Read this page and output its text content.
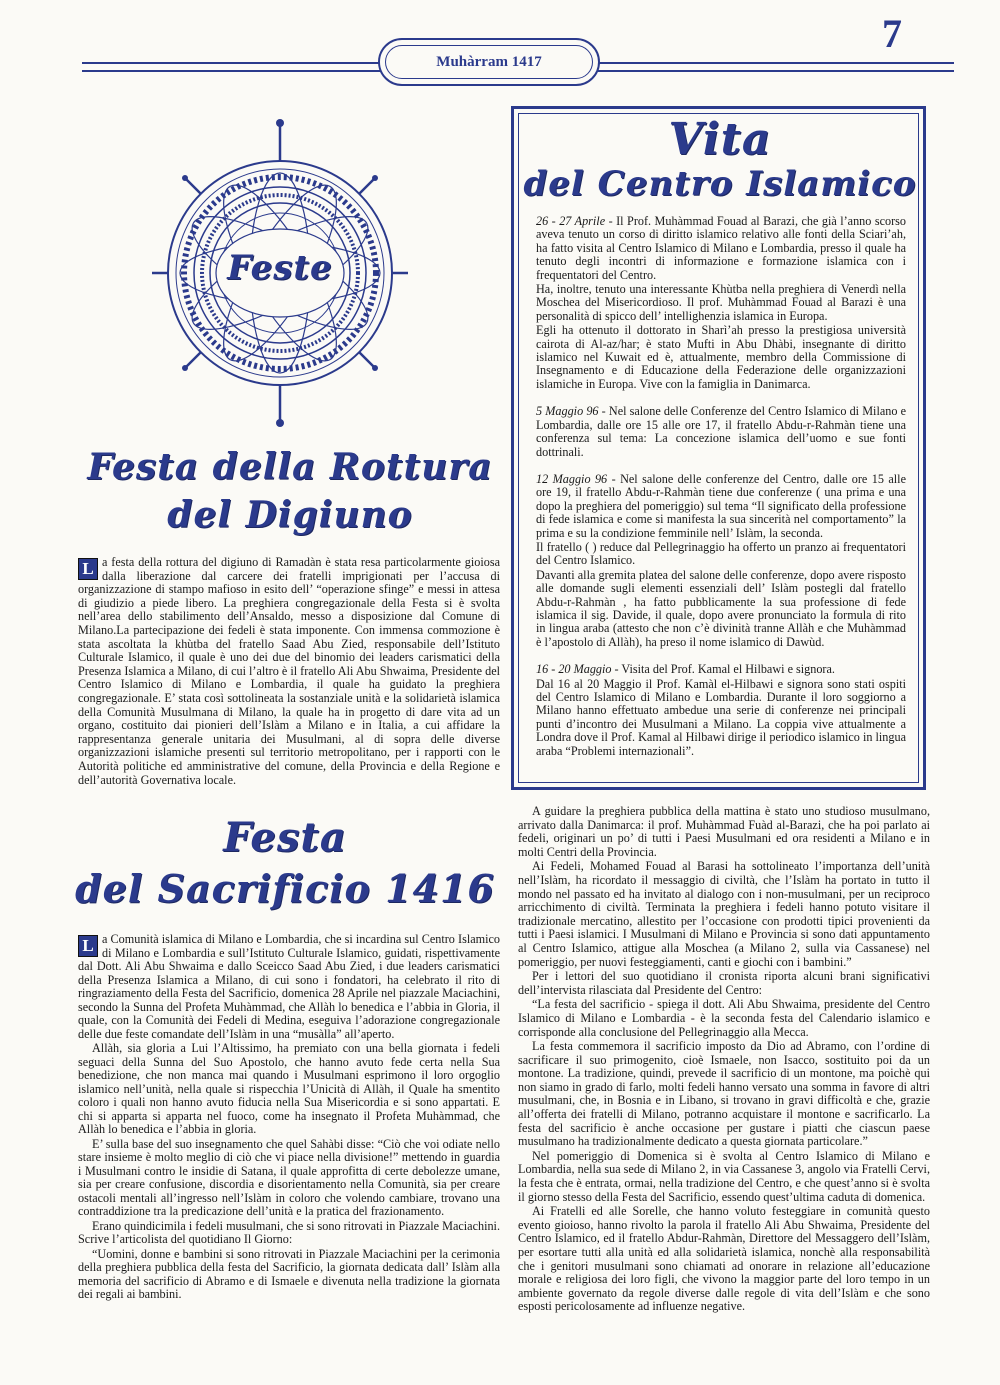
Muhàrram 1417
7
Feste
Vita
del Centro Islamico

26 - 27 Aprile - Il Prof. Muhàmmad Fouad al Barazi, che già l’anno scorso aveva tenuto un corso di diritto islamico relativo alle fonti della Sciari’ah, ha fatto visita al Centro Islamico di Milano e Lombardia, presso il quale ha tenuto degli incontri di informazione e formazione islamica con i frequentatori del Centro.

Ha, inoltre, tenuto una interessante Khùtba nella preghiera di Venerdì nella Moschea del Misericordioso. Il prof. Muhàmmad Fouad al Barazi è una personalità di spicco dell’ intellighenzia islamica in Europa.

Egli ha ottenuto il dottorato in Sharì’ah presso la prestigiosa università cairota di Al-az/har; è stato Mufti in Abu Dhàbi, insegnante di diritto islamico nel Kuwait ed è, attualmente, membro della Commissione di Insegnamento e di Educazione della Federazione delle organizzazioni islamiche in Europa. Vive con la famiglia in Danimarca.

5 Maggio 96 - Nel salone delle Conferenze del Centro Islamico di Milano e Lombardia, dalle ore 15 alle ore 17, il fratello Abdu-r-Rahmàn tiene una conferenza sul tema: La concezione islamica dell’uomo e sue fonti dottrinali.

12 Maggio 96 - Nel salone delle conferenze del Centro, dalle ore 15 alle ore 19, il fratello Abdu-r-Rahmàn tiene due conferenze ( una prima e una dopo la preghiera del pomeriggio) sul tema “Il significato della professione di fede islamica e come si manifesta la sua sincerità nel comportamento” la prima e su la condizione femminile nell’ Islàm, la seconda.

Il fratello ( ) reduce dal Pellegrinaggio ha offerto un pranzo ai frequentatori del Centro Islamico.

Davanti alla gremita platea del salone delle conferenze, dopo avere risposto alle domande sugli elementi essenziali dell’ Islàm postegli dal fratello Abdu-r-Rahmàn , ha fatto pubblicamente la sua professione di fede islamica il sig. Davide, il quale, dopo avere pronunciato la formula di rito in lingua araba (attesto che non c’è divinità tranne Allàh e che Muhàmmad è l’apostolo di Allàh), ha preso il nome islamico di Dawùd.

16 - 20 Maggio - Visita del Prof. Kamal el Hilbawi e signora.

Dal 16 al 20 Maggio il Prof. Kamàl el-Hilbawi e signora sono stati ospiti del Centro Islamico di Milano e Lombardia. Durante il loro soggiorno a Milano hanno effettuato ambedue una serie di conferenze nei principali punti d’incontro dei Musulmani a Milano. La coppia vive attualmente a Londra dove il Prof. Kamal al Hilbawi dirige il periodico islamico in lingua araba “Problemi internazionali”.

Festa della Rottura
del Digiuno

L a festa della rottura del digiuno di Ramadàn è stata resa particolarmente gioiosa dalla liberazione dal carcere dei fratelli imprigionati per l’accusa di organizzazione di stampo mafioso in esito dell’ “operazione sfinge” e messi in attesa di giudizio a piede libero. La preghiera congregazionale della Festa si è svolta nell’area dello stabilimento dell’Ansaldo, messo a disposizione dal Comune di Milano.La partecipazione dei fedeli è stata imponente. Con immensa commozione è stata ascoltata la khùtba del fratello Saad Abu Zied, responsabile dell’Istituto Culturale Islamico, il quale è uno dei due del binomio dei leaders carismatici della Presenza Islamica a Milano, di cui l’altro è il fratello Ali Abu Shwaima, Presidente del Centro Islamico di Milano e Lombardia, il quale ha guidato la preghiera congregazionale. E’ stata così sottolineata la sostanziale unità e la solidarietà islamica della Comunità Musulmana di Milano, la quale ha in progetto di dare vita ad un organo, costituito dai pionieri dell’Islàm a Milano e in Italia, a cui affidare la rappresentanza generale unitaria dei Musulmani, al di sopra delle diverse organizzazioni islamiche presenti sul territorio metropolitano, per i rapporti con le Autorità politiche ed amministrative del comune, della Provincia e della Regione e dell’autorità Governativa locale.

Festa
del Sacrificio 1416

L a Comunità islamica di Milano e Lombardia, che si incardina sul Centro Islamico di Milano e Lombardia e sull’Istituto Culturale Islamico, guidati, rispettivamente dal Dott. Ali Abu Shwaima e dallo Sceicco Saad Abu Zied, i due leaders carismatici della Presenza Islamica a Milano, di cui sono i fondatori, ha celebrato il rito di ringraziamento della Festa del Sacrificio, domenica 28 Aprile nel piazzale Maciachini, secondo la Sunna del Profeta Muhàmmad, che Allàh lo benedica e l’abbia in Gloria, il quale, con la Comunità dei Fedeli di Medina, eseguiva l’adorazione congregazionale delle due feste comandate dell’Islàm in una “musàlla” all’aperto.

Allàh, sia gloria a Lui l’Altissimo, ha premiato con una bella giornata i fedeli seguaci della Sunna del Suo Apostolo, che hanno avuto fede certa nella Sua benedizione, che non manca mai quando i Musulmani esprimono il loro orgoglio islamico nell’unità, nella quale si rispecchia l’Unicità di Allàh, il Quale ha smentito coloro i quali non hanno avuto fiducia nella Sua Misericordia e si sono appartati. E chi si apparta si apparta nel fuoco, come ha insegnato il Profeta Muhàmmad, che Allàh lo benedica e l’abbia in gloria.

E’ sulla base del suo insegnamento che quel Sahàbi disse: “Ciò che voi odiate nello stare insieme è molto meglio di ciò che vi piace nella divisione!” mettendo in guardia i Musulmani contro le insidie di Satana, il quale approfitta di certe debolezze umane, sia per creare confusione, discordia e disorientamento nella Comunità, sia per creare ostacoli mentali all’ingresso nell’Islàm in coloro che volendo cambiare, trovano una contraddizione tra la predicazione dell’unità e la pratica del frazionamento.

Erano quindicimila i fedeli musulmani, che si sono ritrovati in Piazzale Maciachini. Scrive l’articolista del quotidiano Il Giorno:

“Uomini, donne e bambini si sono ritrovati in Piazzale Maciachini per la cerimonia della preghiera pubblica della festa del Sacrificio, la giornata dedicata dall’ Islàm alla memoria del sacrificio di Abramo e di Ismaele e divenuta nella tradizione la giornata dei regali ai bambini.

A guidare la preghiera pubblica della mattina è stato uno studioso musulmano, arrivato dalla Danimarca: il prof. Muhàmmad Fuàd al-Barazi, che ha poi parlato ai fedeli, originari un po’ di tutti i Paesi Musulmani ed ora residenti a Milano e in molti Centri della Provincia.

Ai Fedeli, Mohamed Fouad al Barasi ha sottolineato l’importanza dell’unità nell’Islàm, ha ricordato il messaggio di civiltà, che l’Islàm ha portato in tutto il mondo nel passato ed ha invitato al dialogo con i non-musulmani, per un reciproco arricchimento di civiltà. Terminata la preghiera i fedeli hanno potuto visitare il tradizionale mercatino, allestito per l’occasione con prodotti tipici provenienti da tutti i Paesi islamici. I Musulmani di Milano e Provincia si sono dati appuntamento al Centro Islamico, attigue alla Moschea (a Milano 2, sulla via Cassanese) nel pomeriggio, per nuovi festeggiamenti, canti e giochi con i bambini.”

Per i lettori del suo quotidiano il cronista riporta alcuni brani significativi dell’intervista rilasciata dal Presidente del Centro:

“La festa del sacrificio - spiega il dott. Ali Abu Shwaima, presidente del Centro Islamico di Milano e Lombardia - è la seconda festa del Calendario islamico e corrisponde alla conclusione del Pellegrinaggio alla Mecca.

La festa commemora il sacrificio imposto da Dio ad Abramo, con l’ordine di sacrificare il suo primogenito, cioè Ismaele, non Isacco, sostituito poi da un montone. La tradizione, quindi, prevede il sacrificio di un montone, ma poichè qui non siamo in grado di farlo, molti fedeli hanno versato una somma in favore di altri musulmani, che, in Bosnia e in Libano, si trovano in gravi difficoltà e che, grazie all’offerta dei fratelli di Milano, potranno acquistare il montone e sacrificarlo. La festa del sacrificio è anche occasione per gustare i piatti che ciascun paese musulmano ha tradizionalmente dedicato a questa giornata particolare.”

Nel pomeriggio di Domenica si è svolta al Centro Islamico di Milano e Lombardia, nella sua sede di Milano 2, in via Cassanese 3, angolo via Fratelli Cervi, la festa che è entrata, ormai, nella tradizione del Centro, e che quest’anno si è svolta il giorno stesso della Festa del Sacrificio, essendo quest’ultima caduta di domenica.

Ai Fratelli ed alle Sorelle, che hanno voluto festeggiare in comunità questo evento gioioso, hanno rivolto la parola il fratello Ali Abu Shwaima, Presidente del Centro Islamico, ed il fratello Abdur-Rahmàn, Direttore del Messaggero dell’Islàm, per esortare tutti alla unità ed alla solidarietà islamica, nonchè alla responsabilità che i genitori musulmani sono chiamati ad onorare in relazione all’educazione morale e religiosa dei loro figli, che vivono la maggior parte del loro tempo in un ambiente governato da regole diverse dalle regole di vita dell’Islàm e che sono esposti pericolosamente ad influenze negative.
